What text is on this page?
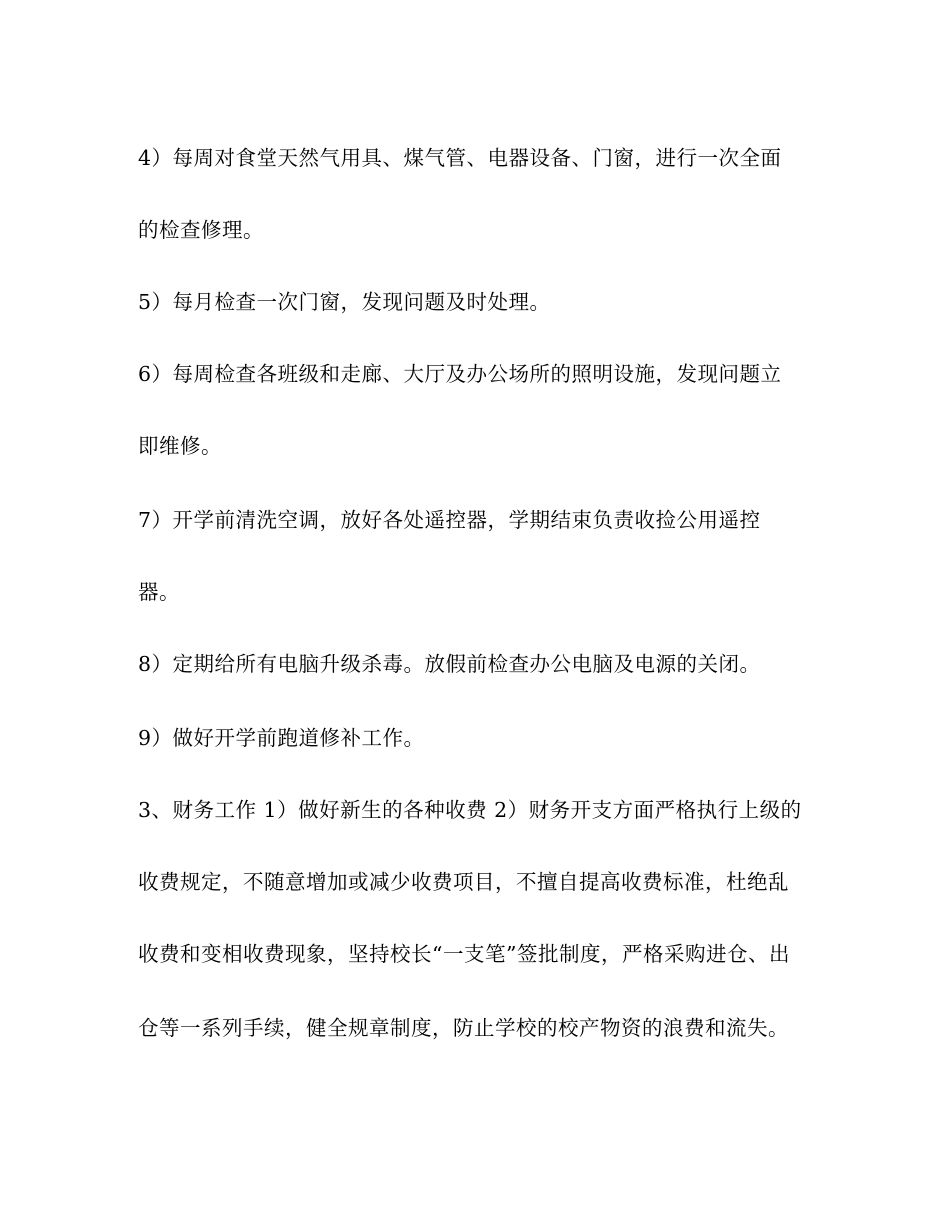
4）每周对食堂天然气用具、煤气管、电器设备、门窗，进行一次全面
的检查修理。
5）每月检查一次门窗，发现问题及时处理。
6）每周检查各班级和走廊、大厅及办公场所的照明设施，发现问题立
即维修。
7）开学前清洗空调，放好各处遥控器，学期结束负责收捡公用遥控
器。
8）定期给所有电脑升级杀毒。放假前检查办公电脑及电源的关闭。
9）做好开学前跑道修补工作。
3、财务工作 1）做好新生的各种收费 2）财务开支方面严格执行上级的
收费规定，不随意增加或减少收费项目，不擅自提高收费标准，杜绝乱
收费和变相收费现象，坚持校长“一支笔”签批制度，严格采购进仓、出
仓等一系列手续，健全规章制度，防止学校的校产物资的浪费和流失。
